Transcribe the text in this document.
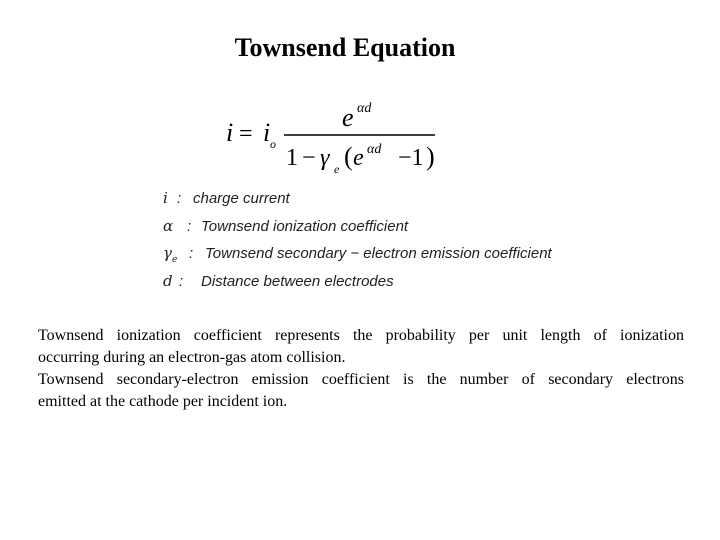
Townsend Equation
i = i o
e αd
1 − γ e ( e αd −1 )
i : charge current
α : Townsend ionization coefficient
$\gamma_e$ : Townsend secondary − electron emission coefficient
d : Distance between electrodes
Townsend ionization coefficient represents the probability per unit length of ionization
occurring during an electron-gas atom collision.
Townsend secondary-electron emission coefficient is the number of secondary electrons
emitted at the cathode per incident ion.
